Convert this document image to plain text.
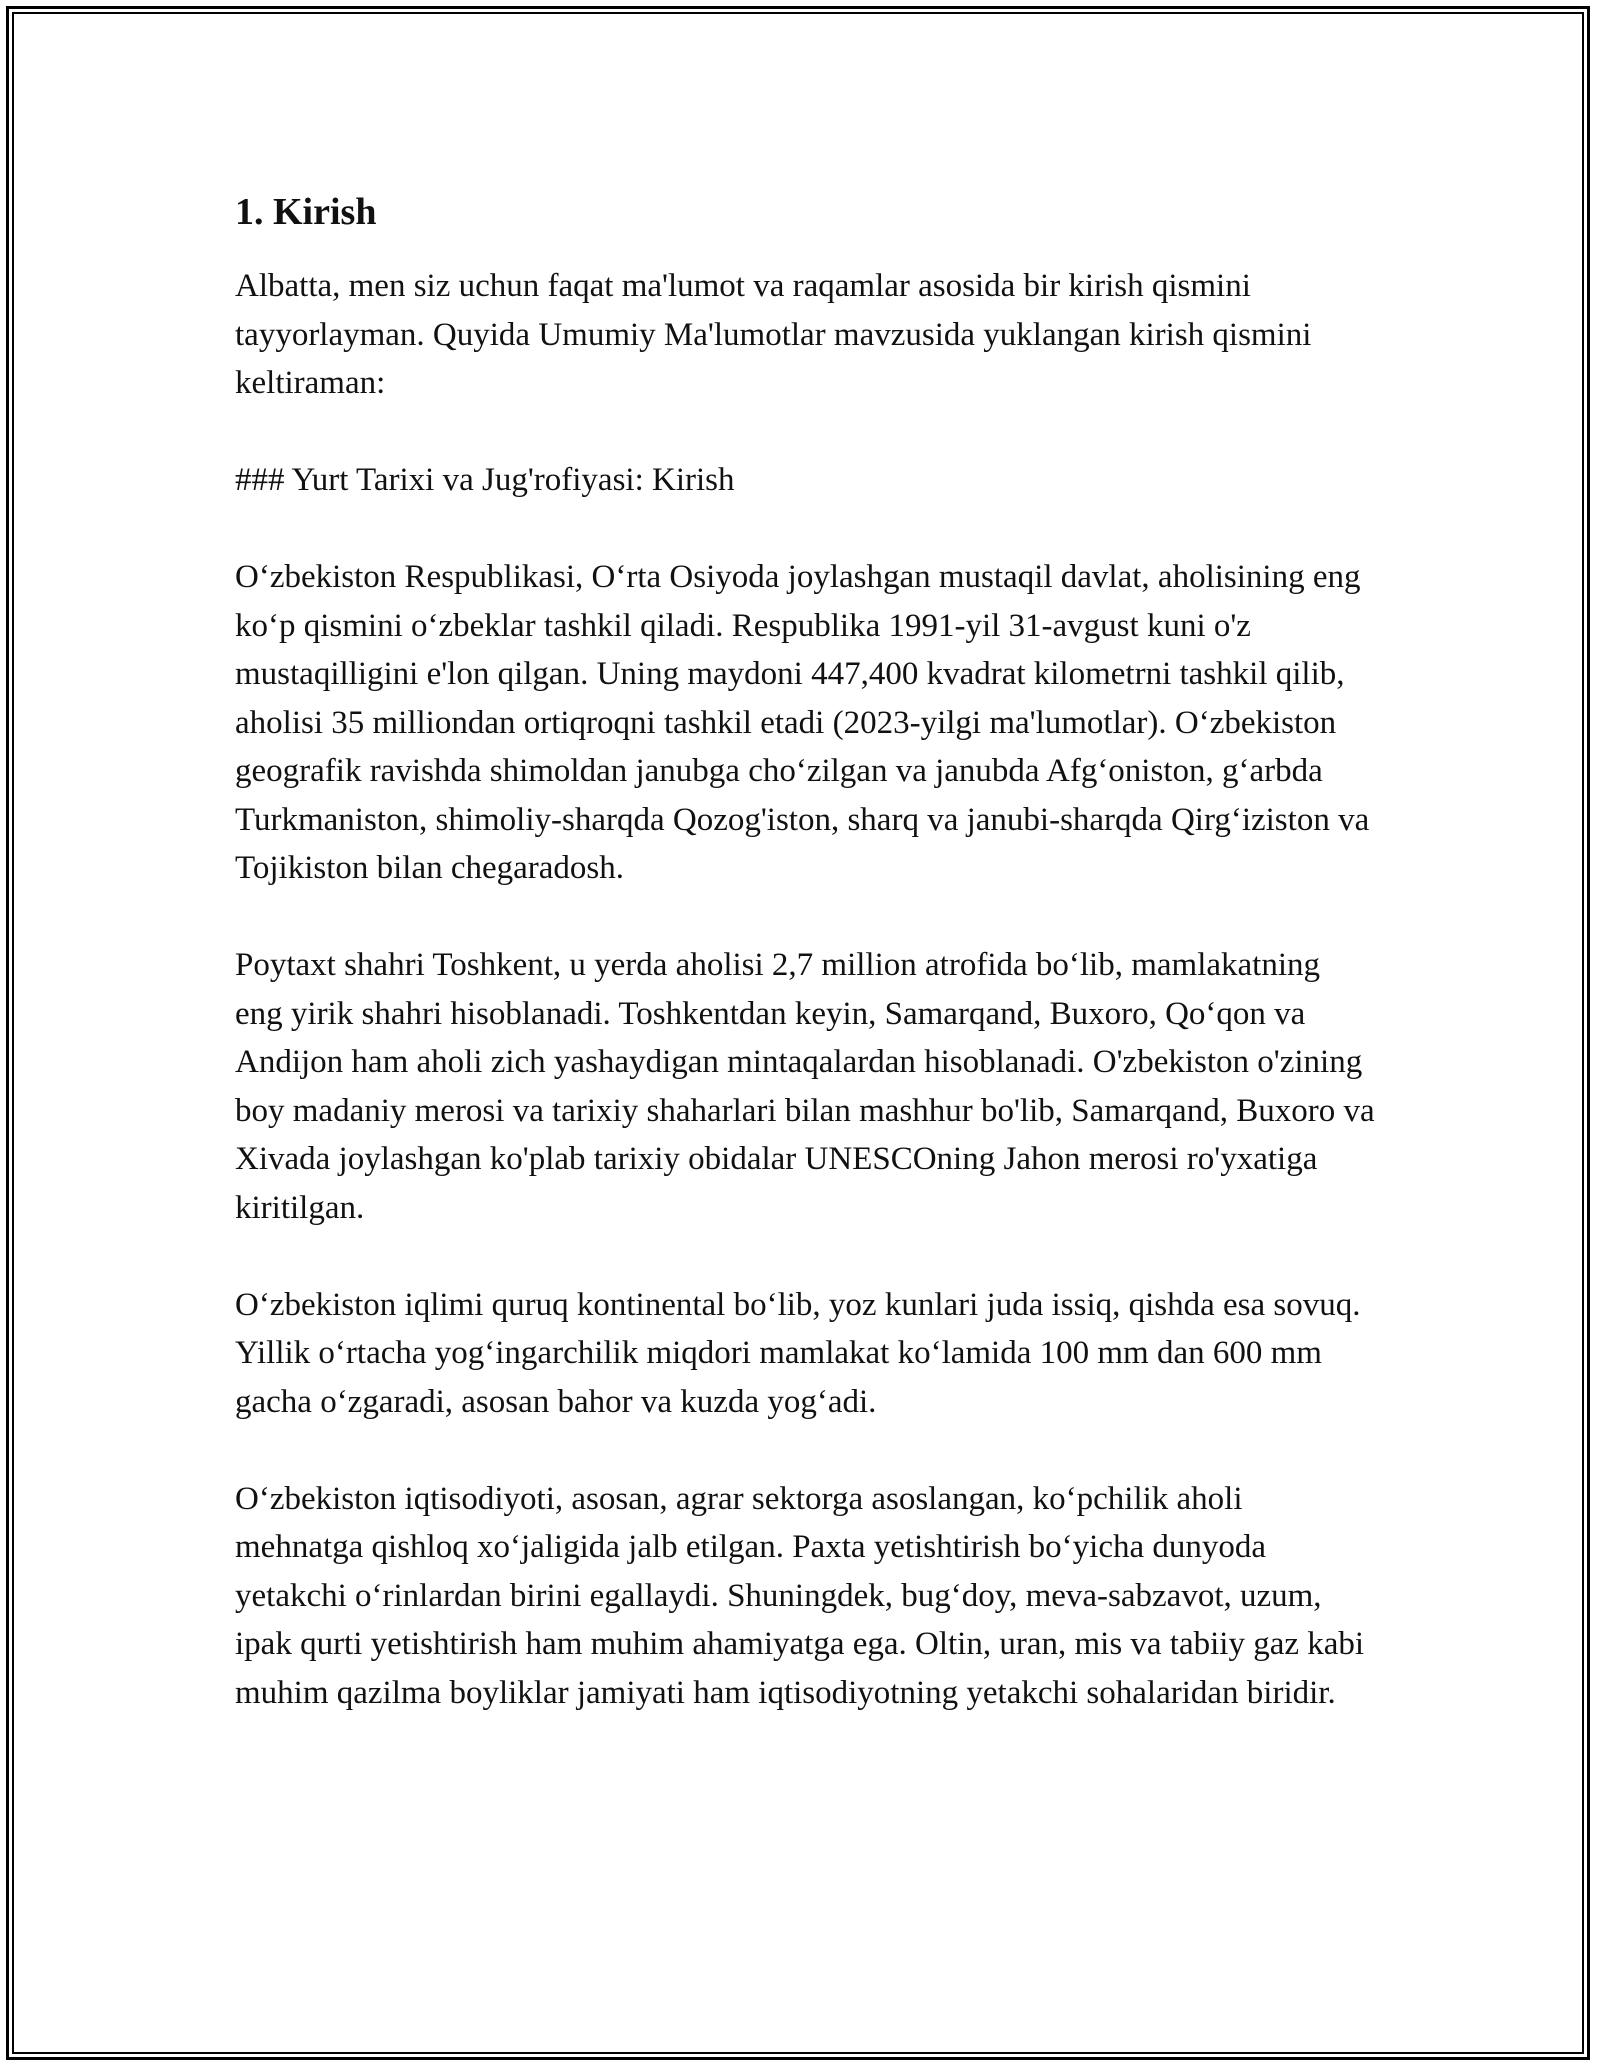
1. Kirish

Albatta, men siz uchun faqat ma'lumot va raqamlar asosida bir kirish qismini tayyorlayman. Quyida Umumiy Ma'lumotlar mavzusida yuklangan kirish qismini keltiraman:

### Yurt Tarixi va Jug'rofiyasi: Kirish

Oʻzbekiston Respublikasi, Oʻrta Osiyoda joylashgan mustaqil davlat, aholisining eng koʻp qismini oʻzbeklar tashkil qiladi. Respublika 1991-yil 31-avgust kuni o'z mustaqilligini e'lon qilgan. Uning maydoni 447,400 kvadrat kilometrni tashkil qilib, aholisi 35 milliondan ortiqroqni tashkil etadi (2023-yilgi ma'lumotlar). Oʻzbekiston geografik ravishda shimoldan janubga choʻzilgan va janubda Afgʻoniston, gʻarbda Turkmaniston, shimoliy-sharqda Qozog'iston, sharq va janubi-sharqda Qirgʻiziston va Tojikiston bilan chegaradosh.

Poytaxt shahri Toshkent, u yerda aholisi 2,7 million atrofida boʻlib, mamlakatning eng yirik shahri hisoblanadi. Toshkentdan keyin, Samarqand, Buxoro, Qoʻqon va Andijon ham aholi zich yashaydigan mintaqalardan hisoblanadi. O'zbekiston o'zining boy madaniy merosi va tarixiy shaharlari bilan mashhur bo'lib, Samarqand, Buxoro va Xivada joylashgan ko'plab tarixiy obidalar UNESCOning Jahon merosi ro'yxatiga kiritilgan.

Oʻzbekiston iqlimi quruq kontinental boʻlib, yoz kunlari juda issiq, qishda esa sovuq. Yillik oʻrtacha yogʻingarchilik miqdori mamlakat koʻlamida 100 mm dan 600 mm gacha oʻzgaradi, asosan bahor va kuzda yogʻadi.

Oʻzbekiston iqtisodiyoti, asosan, agrar sektorga asoslangan, koʻpchilik aholi mehnatga qishloq xoʻjaligida jalb etilgan. Paxta yetishtirish boʻyicha dunyoda yetakchi oʻrinlardan birini egallaydi. Shuningdek, bugʻdoy, meva-sabzavot, uzum, ipak qurti yetishtirish ham muhim ahamiyatga ega. Oltin, uran, mis va tabiiy gaz kabi muhim qazilma boyliklar jamiyati ham iqtisodiyotning yetakchi sohalaridan biridir.
